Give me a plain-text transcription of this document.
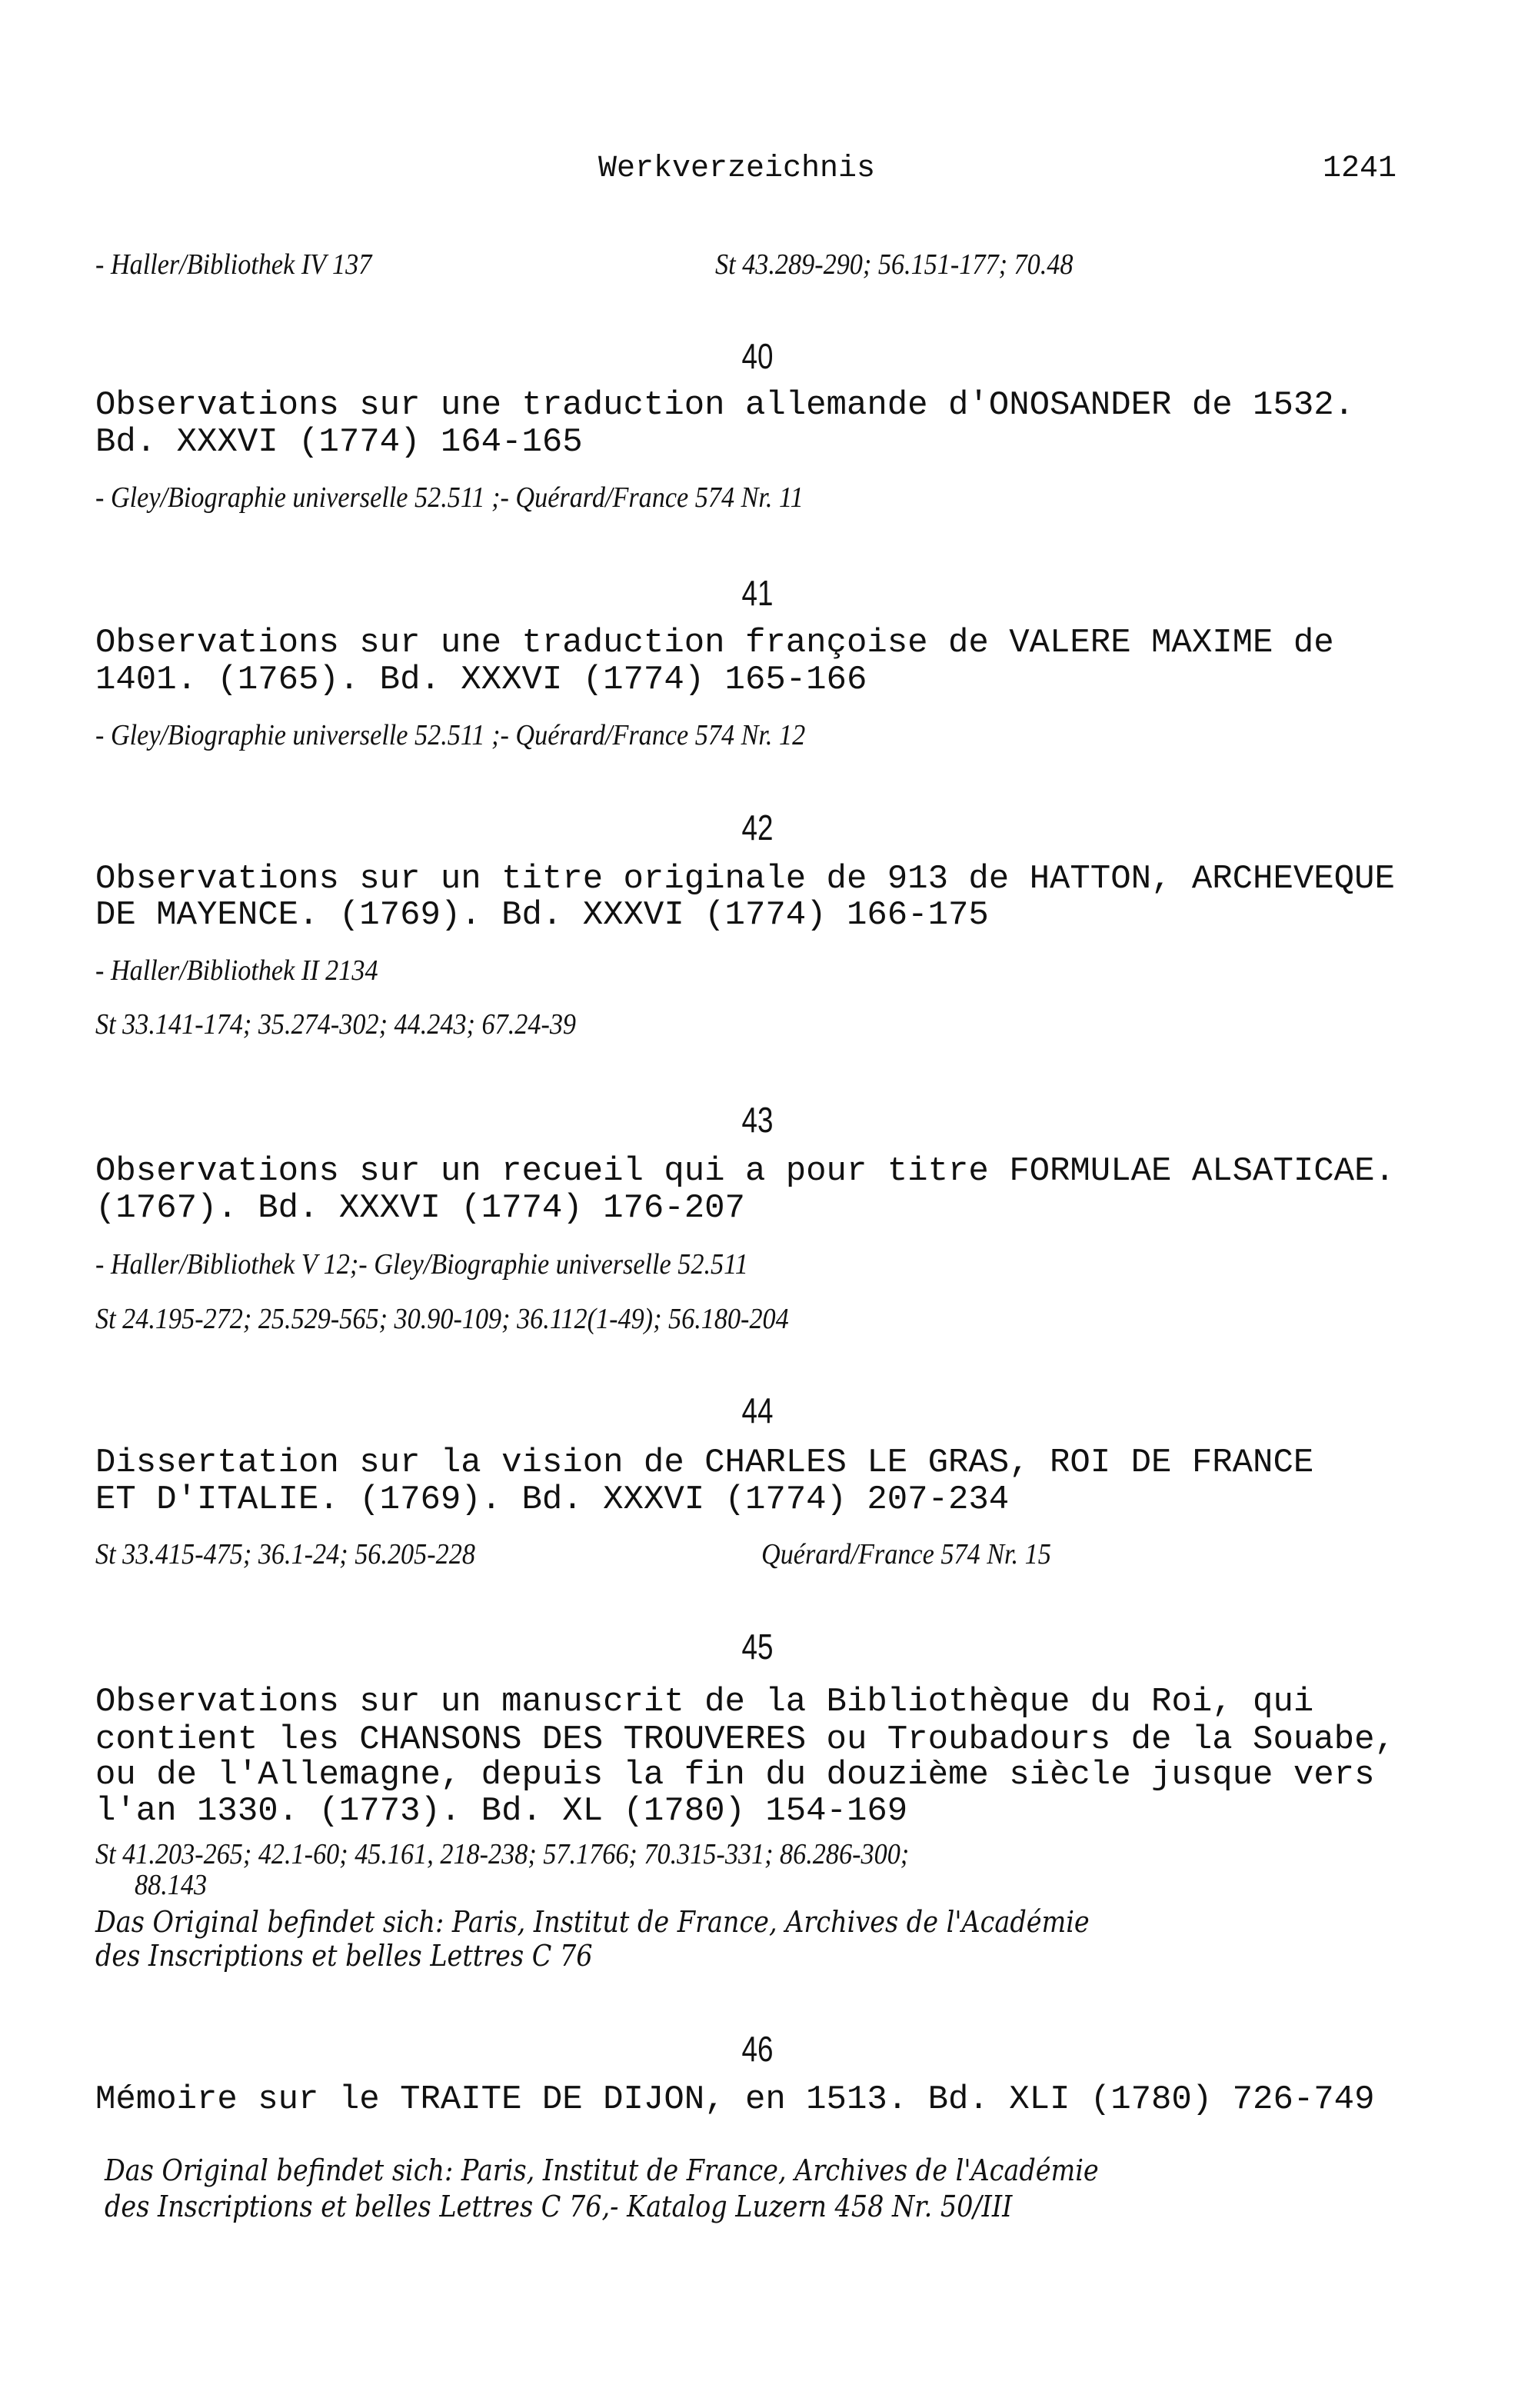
Werkverzeichnis	1241
- Haller/Bibliothek IV 137	St 43.289-290; 56.151-177; 70.48
40
Observations sur une traduction allemande d'ONOSANDER de 1532.
Bd. XXXVI (1774) 164-165
- Gley/Biographie universelle 52.511 ;- Quérard/France 574 Nr. 11
41
Observations sur une traduction françoise de VALERE MAXIME de
1401. (1765). Bd. XXXVI (1774) 165-166
- Gley/Biographie universelle 52.511 ;- Quérard/France 574 Nr. 12
42
Observations sur un titre originale de 913 de HATTON, ARCHEVEQUE
DE MAYENCE. (1769). Bd. XXXVI (1774) 166-175
- Haller/Bibliothek II 2134
St 33.141-174; 35.274-302; 44.243; 67.24-39
43
Observations sur un recueil qui a pour titre FORMULAE ALSATICAE.
(1767). Bd. XXXVI (1774) 176-207
- Haller/Bibliothek V 12;- Gley/Biographie universelle 52.511
St 24.195-272; 25.529-565; 30.90-109; 36.112(1-49); 56.180-204
44
Dissertation sur la vision de CHARLES LE GRAS, ROI DE FRANCE
ET D'ITALIE. (1769). Bd. XXXVI (1774) 207-234
St 33.415-475; 36.1-24; 56.205-228	Quérard/France 574 Nr. 15
45
Observations sur un manuscrit de la Bibliothèque du Roi, qui
contient les CHANSONS DES TROUVERES ou Troubadours de la Souabe,
ou de l'Allemagne, depuis la fin du douzième siècle jusque vers
l'an 1330. (1773). Bd. XL (1780) 154-169
St 41.203-265; 42.1-60; 45.161, 218-238; 57.1766; 70.315-331; 86.286-300;
88.143
Das Original befindet sich: Paris, Institut de France, Archives de l'Académie
des Inscriptions et belles Lettres C 76
46
Mémoire sur le TRAITE DE DIJON, en 1513. Bd. XLI (1780) 726-749
Das Original befindet sich: Paris, Institut de France, Archives de l'Académie
des Inscriptions et belles Lettres C 76,- Katalog Luzern 458 Nr. 50/III
